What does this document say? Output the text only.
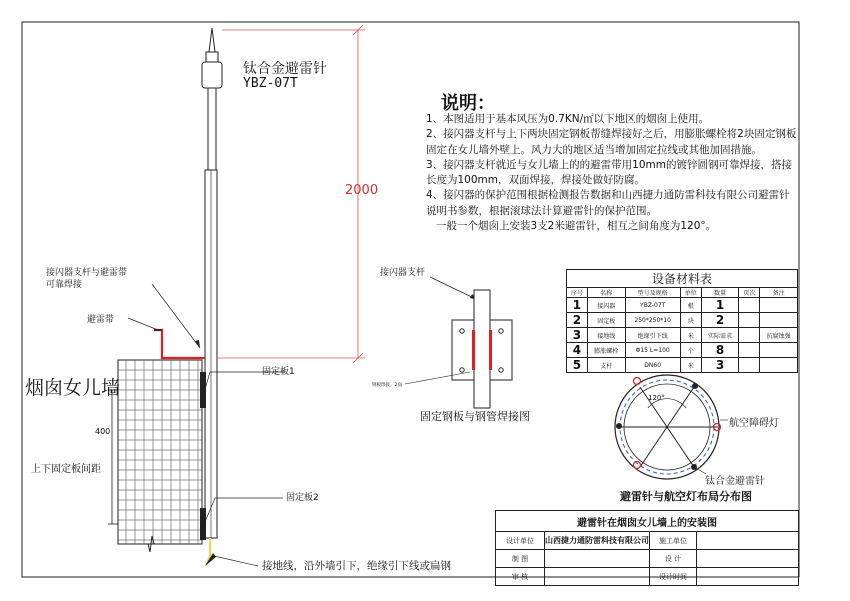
钛合金避雷针
YBZ-07T
2000
接闪器支杆与避雷带
可靠焊接
避雷带
烟囱女儿墙
400
上下固定板间距
固定板1
固定板2
接地线，沿外墙引下，绝缘引下线或扁钢
接闪器支杆
钢板焊接，2面
固定钢板与钢管焊接图
120°
航空障碍灯
钛合金避雷针
避雷针与航空灯布局分布图
说明：

1、本图适用于基本风压为0.7KN/㎡以下地区的烟囱上使用。

2、接闪器支杆与上下两块固定钢板帮缝焊接好之后，用膨胀螺栓将2块固定钢板固定在女儿墙外壁上。风力大的地区适当增加固定拉线或其他加固措施。

3、接闪器支杆就近与女儿墙上的的避雷带用10mm的镀锌圆钢可靠焊接，搭接长度为100mm，双面焊接，焊接处做好防腐。

4、接闪器的保护范围根据检测报告数据和山西捷力通防雷科技有限公司避雷针说明书参数，根据滚球法计算避雷针的保护范围。

一般一个烟囱上安装3支2米避雷针，相互之间角度为120°。

设备材料表						
序号	名称	型号及规格	单位	数量	页次	备注
1	接闪器	YBZ-07T	根	1		
2	固定板	250*250*10	块	2		
3	接地线	绝缘引下线	米	实际需求		抗腐蚀强
4	膨胀螺栓	Φ15 L=100	个	8		
5	支杆	DN60	米	3		
避雷针在烟囱女儿墙上的安装图			
设计单位	山西捷力通防雷科技有限公司	施工单位	
制 图		设 计	
审 核		设计时间	
